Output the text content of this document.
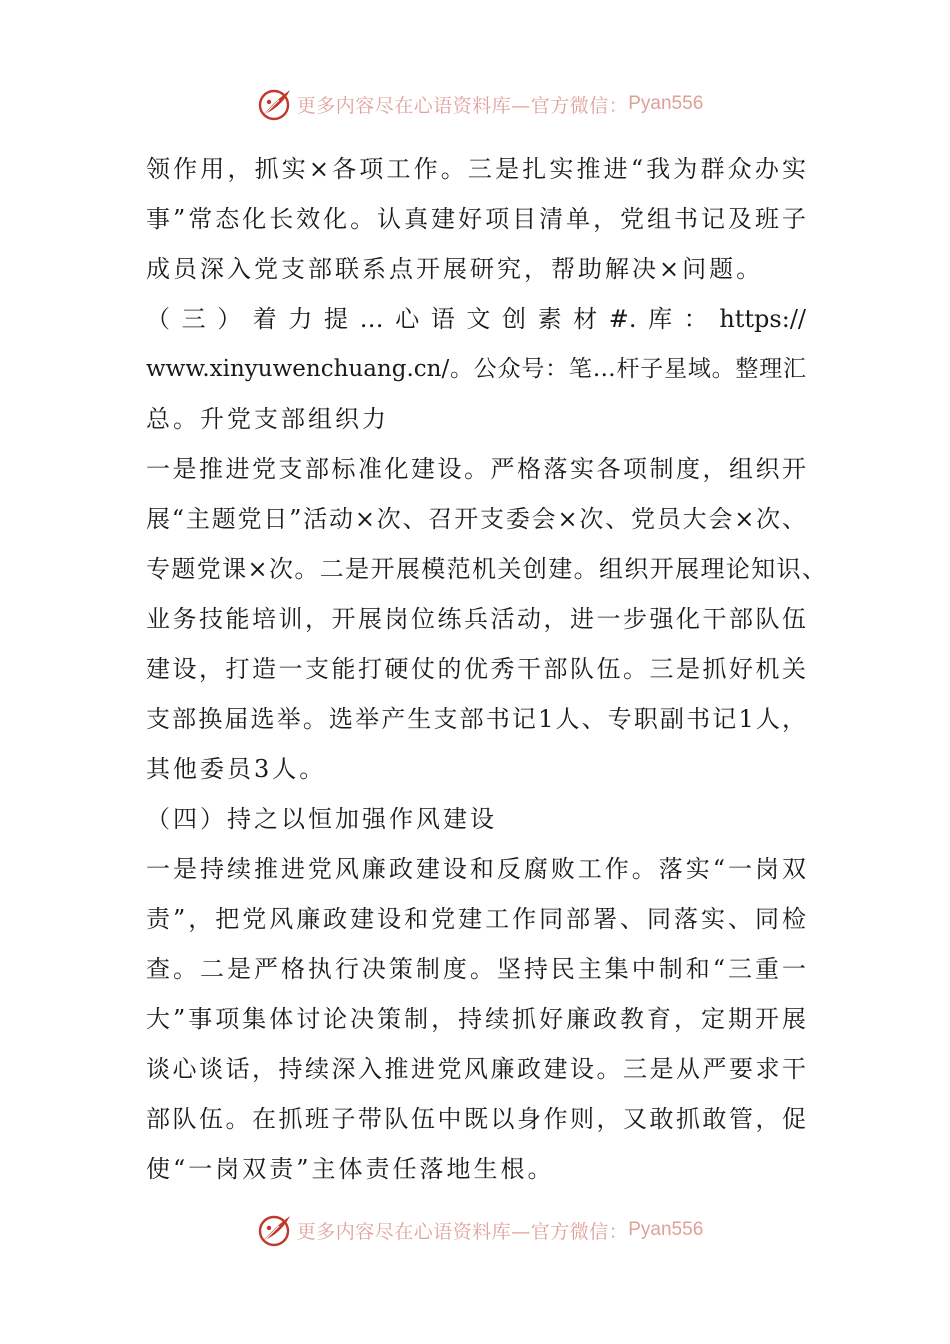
更多内容尽在心语资料库—官方微信： Pyan556
领作用，抓实×各项工作。三是扎实推进“我为群众办实
事”常态化长效化。认真建好项目清单，党组书记及班子
成员深入党支部联系点开展研究，帮助解决×问题。
（三）着力提…心语文创素材#.库：https://
www.xinyuwenchuang.cn/。公众号：笔…杆子星域。整理汇
总。升党支部组织力
一是推进党支部标准化建设。严格落实各项制度，组织开
展“主题党日”活动×次、召开支委会×次、党员大会×次、
专题党课×次。二是开展模范机关创建。组织开展理论知识、
业务技能培训，开展岗位练兵活动，进一步强化干部队伍
建设，打造一支能打硬仗的优秀干部队伍。三是抓好机关
支部换届选举。选举产生支部书记1人、专职副书记1人，
其他委员3人。
（四）持之以恒加强作风建设
一是持续推进党风廉政建设和反腐败工作。落实“一岗双
责”，把党风廉政建设和党建工作同部署、同落实、同检
查。二是严格执行决策制度。坚持民主集中制和“三重一
大”事项集体讨论决策制，持续抓好廉政教育，定期开展
谈心谈话，持续深入推进党风廉政建设。三是从严要求干
部队伍。在抓班子带队伍中既以身作则，又敢抓敢管，促
使“一岗双责”主体责任落地生根。
更多内容尽在心语资料库—官方微信： Pyan556
